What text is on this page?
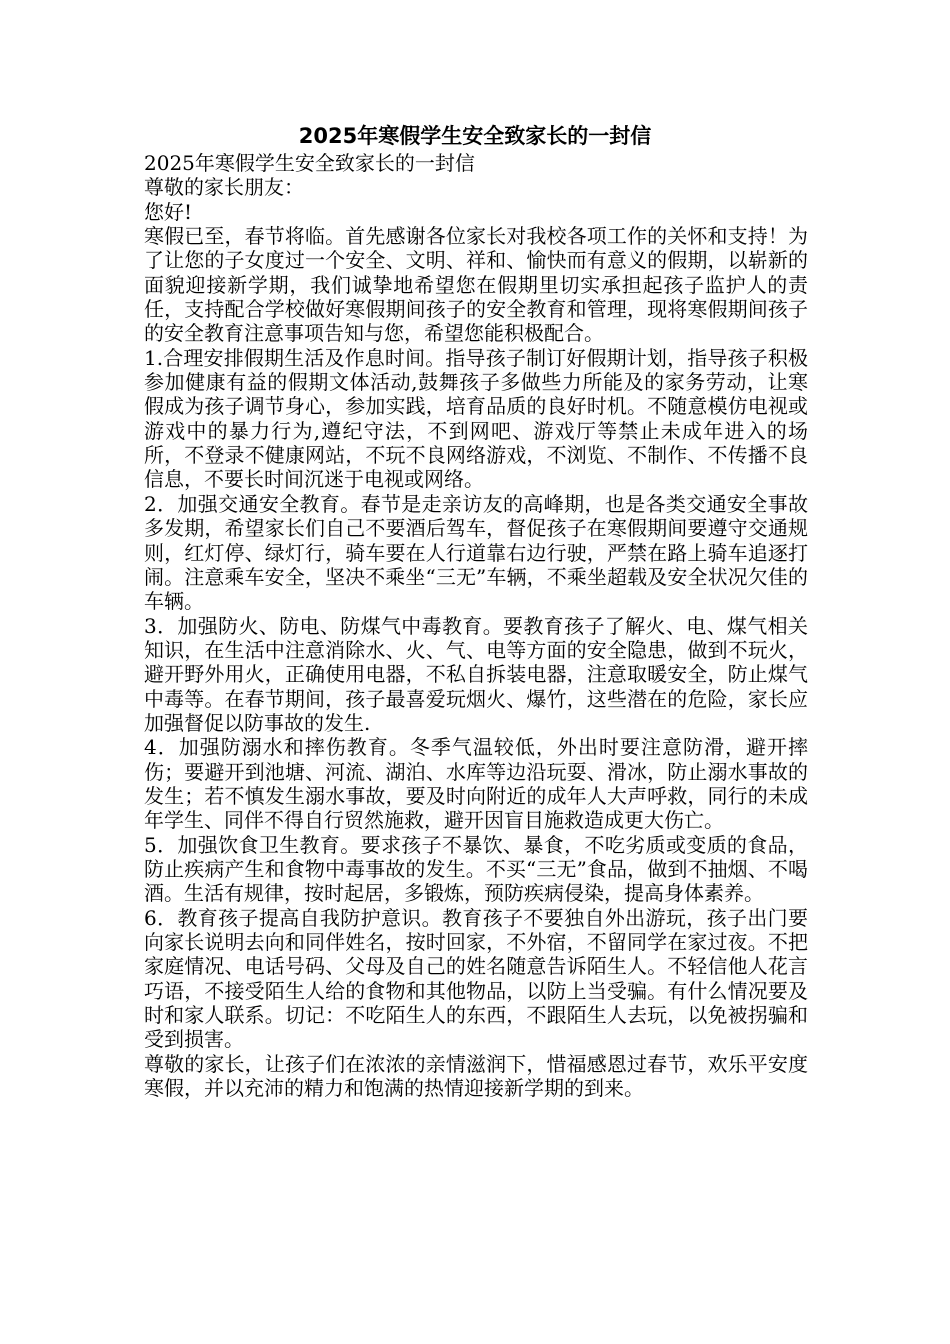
2025年寒假学生安全致家长的一封信

2025年寒假学生安全致家长的一封信

尊敬的家长朋友：

您好!

寒假已至，春节将临。首先感谢各位家长对我校各项工作的关怀和支持！为了让您的子女度过一个安全、文明、祥和、愉快而有意义的假期，以崭新的面貌迎接新学期，我们诚挚地希望您在假期里切实承担起孩子监护人的责任，支持配合学校做好寒假期间孩子的安全教育和管理，现将寒假期间孩子的安全教育注意事项告知与您，希望您能积极配合。

1.合理安排假期生活及作息时间。指导孩子制订好假期计划，指导孩子积极参加健康有益的假期文体活动,鼓舞孩子多做些力所能及的家务劳动，让寒假成为孩子调节身心，参加实践，培育品质的良好时机。不随意模仿电视或游戏中的暴力行为,遵纪守法，不到网吧、游戏厅等禁止未成年进入的场所，不登录不健康网站，不玩不良网络游戏，不浏览、不制作、不传播不良信息，不要长时间沉迷于电视或网络。

2．加强交通安全教育。春节是走亲访友的高峰期，也是各类交通安全事故多发期，希望家长们自己不要酒后驾车，督促孩子在寒假期间要遵守交通规则，红灯停、绿灯行，骑车要在人行道靠右边行驶，严禁在路上骑车追逐打闹。注意乘车安全，坚决不乘坐“三无”车辆，不乘坐超载及安全状况欠佳的车辆。

3．加强防火、防电、防煤气中毒教育。要教育孩子了解火、电、煤气相关知识，在生活中注意消除水、火、气、电等方面的安全隐患，做到不玩火，避开野外用火，正确使用电器，不私自拆装电器，注意取暖安全，防止煤气中毒等。在春节期间，孩子最喜爱玩烟火、爆竹，这些潜在的危险，家长应加强督促以防事故的发生.

4．加强防溺水和摔伤教育。冬季气温较低，外出时要注意防滑，避开摔伤；要避开到池塘、河流、湖泊、水库等边沿玩耍、滑冰，防止溺水事故的发生；若不慎发生溺水事故，要及时向附近的成年人大声呼救，同行的未成年学生、同伴不得自行贸然施救，避开因盲目施救造成更大伤亡。

5．加强饮食卫生教育。要求孩子不暴饮、暴食，不吃劣质或变质的食品，防止疾病产生和食物中毒事故的发生。不买“三无”食品，做到不抽烟、不喝酒。生活有规律，按时起居，多锻炼，预防疾病侵染，提高身体素养。

6．教育孩子提高自我防护意识。教育孩子不要独自外出游玩，孩子出门要向家长说明去向和同伴姓名，按时回家，不外宿，不留同学在家过夜。不把家庭情况、电话号码、父母及自己的姓名随意告诉陌生人。不轻信他人花言巧语，不接受陌生人给的食物和其他物品，以防上当受骗。有什么情况要及时和家人联系。切记：不吃陌生人的东西，不跟陌生人去玩，以免被拐骗和受到损害。

尊敬的家长，让孩子们在浓浓的亲情滋润下，惜福感恩过春节，欢乐平安度寒假，并以充沛的精力和饱满的热情迎接新学期的到来。
